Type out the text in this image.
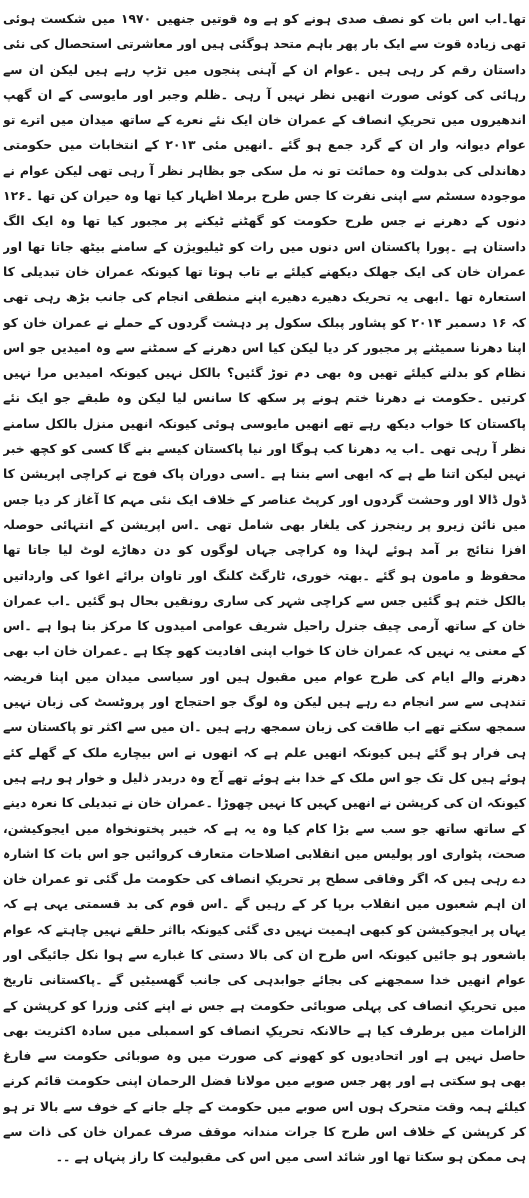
تھا۔اب اس بات کو نصف صدی ہونے کو ہے وہ قوتیں جنھیں ۱۹۷۰ میں شکست ہوئی تھی زیادہ قوت سے ایک بار پھر باہم متحد ہوگئی ہیں اور معاشرتی استحصال کی نئی داستان رقم کر رہی ہیں ۔عوام ان کے آہنی پنجوں میں تڑپ رہے ہیں لیکن ان سے رہائی کی کوئی صورت انھیں نظر نہیں آ رہی ۔ظلم وجبر اور مایوسی کے ان گھپ اندھیروں میں تحریکِ انصاف کے عمران خان ایک نئے نعرے کے ساتھ میدان میں اترے تو عوام دیوانہ وار ان کے گرد جمع ہو گئے ۔انھیں مئی ۲۰۱۳ کے انتخابات میں حکومتی دھاندلی کی بدولت وہ حمائت تو نہ مل سکی جو بظاہر نظر آ رہی تھی لیکن عوام نے موجودہ سسٹم سے اپنی نفرت کا جس طرح برملا اظہار کیا تھا وہ حیران کن تھا ۔۱۲۶ دنوں کے دھرنے نے جس طرح حکومت کو گھٹنے ٹیکنے پر مجبور کیا تھا وہ ایک الگ داستان ہے ۔پورا پاکستان اس دنوں میں رات کو ٹیلیویژن کے سامنے بیٹھ جاتا تھا اور عمران خان کی ایک جھلک دیکھنے کیلئے بے تاب ہوتا تھا کیونکہ عمران خان تبدیلی کا استعارہ تھا ۔ابھی یہ تحریک دھیرے دھیرے اپنے منطقی انجام کی جانب بڑھ رہی تھی کہ ۱۶ دسمبر ۲۰۱۴ کو پشاور پبلک سکول پر دہشت گردوں کے حملے نے عمران خان کو اپنا دھرنا سمیٹنے پر مجبور کر دیا لیکن کیا اس دھرنے کے سمٹنے سے وہ امیدیں جو اس نظام کو بدلنے کیلئے تھیں وہ بھی دم توڑ گئیں؟ بالکل نہیں کیونکہ امیدیں مرا نہیں کرتیں ۔حکومت نے دھرنا ختم ہونے پر سکھ کا سانس لیا لیکن وہ طبقے جو ایک نئے پاکستان کا خواب دیکھ رہے تھے انھیں مایوسی ہوئی کیونکہ انھیں منزل بالکل سامنے نظر آ رہی تھی ۔اب یہ دھرنا کب ہوگا اور نیا پاکستان کیسے بنے گا کسی کو کچھ خبر نہیں لیکن اتنا طے ہے کہ ابھی اسے بننا ہے ۔اسی دوران پاک فوج نے کراچی اپریشن کا ڈول ڈالا اور وحشت گردوں اور کرپٹ عناصر کے خلاف ایک نئی مہم کا آغاز کر دیا جس میں نائن زیرو پر رینجرز کی یلغار بھی شامل تھی ۔اس اپریشن کے انتہائی حوصلہ افزا نتائج بر آمد ہوئے لہذا وہ کراچی جہاں لوگوں کو دن دھاڑے لوٹ لیا جاتا تھا محفوظ و مامون ہو گئے ۔بھتہ خوری، ٹارگٹ کلنگ اور تاوان برائے اغوا کی وارداتیں بالکل ختم ہو گئیں جس سے کراچی شہر کی ساری رونقیں بحال ہو گئیں ۔اب عمران خان کے ساتھ آرمی چیف جنرل راحیل شریف عوامی امیدوں کا مرکز بنا ہوا ہے ۔اس کے معنی یہ نہیں کہ عمران خان کا خواب اپنی افادیت کھو چکا ہے ۔عمران خان اب بھی دھرنے والے ایام کی طرح عوام میں مقبول ہیں اور سیاسی میدان میں اپنا فریضہ تندہی سے سر انجام دے رہے ہیں لیکن وہ لوگ جو احتجاج اور پروٹسٹ کی زبان نہیں سمجھ سکتے تھے اب طاقت کی زبان سمجھ رہے ہیں ۔ان میں سے اکثر تو پاکستان سے ہی فرار ہو گئے ہیں کیونکہ انھیں علم ہے کہ انھوں نے اس بیچارے ملک کے گھلے کئے ہوئے ہیں کل تک جو اس ملک کے خدا بنے ہوئے تھے آج وہ دربدر ذلیل و خوار ہو رہے ہیں کیونکہ ان کی کرپشن نے انھیں کہیں کا نہیں چھوڑا ۔عمران خان نے تبدیلی کا نعرہ دینے کے ساتھ ساتھ جو سب سے بڑا کام کیا وہ یہ ہے کہ خیبر پختونخواہ میں ایجوکیشن، صحت، پٹواری اور پولیس میں انقلابی اصلاحات متعارف کروائیں جو اس بات کا اشارہ دے رہی ہیں کہ اگر وفاقی سطح پر تحریکِ انصاف کی حکومت مل گئی تو عمران خان ان اہم شعبوں میں انقلاب برپا کر کے رہیں گے ۔اس قوم کی بد قسمتی یہی ہے کہ یہاں پر ایجوکیشن کو کبھی اہمیت نہیں دی گئی کیونکہ بااثر حلقے نہیں چاہتے کہ عوام باشعور ہو جائیں کیونکہ اس طرح ان کی بالا دستی کا غبارے سے ہوا نکل جائیگی اور عوام انھیں خدا سمجھنے کی بجائے جوابدہی کی جانب گھسیٹیں گے ۔پاکستانی تاریخ میں تحریکِ انصاف کی پہلی صوبائی حکومت ہے جس نے اپنے کئی وزرا کو کرپشن کے الزامات میں برطرف کیا ہے حالانکہ تحریکِ انصاف کو اسمبلی میں سادہ اکثریت بھی حاصل نہیں ہے اور اتحادیوں کو کھونے کی صورت میں وہ صوبائی حکومت سے فارغ بھی ہو سکتی ہے اور پھر جس صوبے میں مولانا فضل الرحمان اپنی حکومت قائم کرنے کیلئے ہمہ وقت متحرک ہوں اس صوبے میں حکومت کے چلے جانے کے خوف سے بالا تر ہو کر کرپشن کے خلاف اس طرح کا جرات مندانہ موقف صرف عمران خان کی ذات سے ہی ممکن ہو سکتا تھا اور شائد اسی میں اس کی مقبولیت کا راز پنہاں ہے ۔۔
